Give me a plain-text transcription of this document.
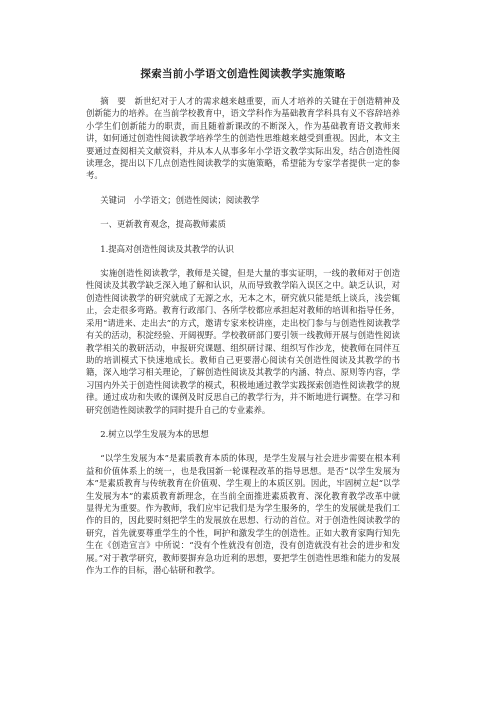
探索当前小学语文创造性阅读教学实施策略

摘　要　新世纪对于人才的需求越来越重要，而人才培养的关键在于创造精神及创新能力的培养。在当前学校教育中，语文学科作为基础教育学科具有义不容辞培养小学生们创新能力的职责，而且随着新课改的不断深入，作为基础教育语文教师来讲，如何通过创造性阅读教学培养学生的创造性思维越来越受到重视。因此，本文主要通过查阅相关文献资料，并从本人从事多年小学语文教学实际出发，结合创造性阅读理念，提出以下几点创造性阅读教学的实施策略，希望能为专家学者提供一定的参考。

关键词　小学语文；创造性阅读；阅读教学

一、更新教育观念，提高教师素质

1.提高对创造性阅读及其教学的认识

实施创造性阅读教学，教师是关键，但是大量的事实证明，一线的教师对于创造性阅读及其教学缺乏深入地了解和认识，从而导致教学陷入误区之中。缺乏认识，对创造性阅读教学的研究就成了无源之水，无本之木，研究就只能是纸上谈兵，浅尝辄止，会走很多弯路。教育行政部门、各所学校都应承担起对教师的培训和指导任务，采用“请进来、走出去”的方式，邀请专家来校讲座，走出校门参与与创造性阅读教学有关的活动，积淀经验、开阔视野。学校教研部门要引领一线教师开展与创造性阅读教学相关的教研活动，申报研究课题、组织研讨课、组织写作沙龙，使教师在同伴互助的培训模式下快速地成长。教师自己更要潜心阅读有关创造性阅读及其教学的书籍，深入地学习相关理论，了解创造性阅读及其教学的内涵、特点、原则等内容，学习国内外关于创造性阅读教学的模式，积极地通过教学实践探索创造性阅读教学的规律。通过成功和失败的课例及时反思自己的教学行为，并不断地进行调整。在学习和研究创造性阅读教学的同时提升自己的专业素养。

2.树立以学生发展为本的思想

“以学生发展为本”是素质教育本质的体现，是学生发展与社会进步需要在根本利益和价值体系上的统一，也是我国新一轮课程改革的指导思想。是否“以学生发展为本”是素质教育与传统教育在价值观、学生观上的本质区别。因此，牢固树立起“以学生发展为本”的素质教育新理念，在当前全面推进素质教育、深化教育教学改革中就显得尤为重要。作为教师，我们应牢记我们是为学生服务的，学生的发展就是我们工作的目的，因此要时刻把学生的发展放在思想、行动的首位。对于创造性阅读教学的研究，首先就要尊重学生的个性，呵护和激发学生的创造性。正如大教育家陶行知先生在《创造宣言》中所说：“没有个性就没有创造，没有创造就没有社会的进步和发展。”对于教学研究，教师要摒弃急功近利的思想，要把学生创造性思维和能力的发展作为工作的目标，潜心钻研和教学。
